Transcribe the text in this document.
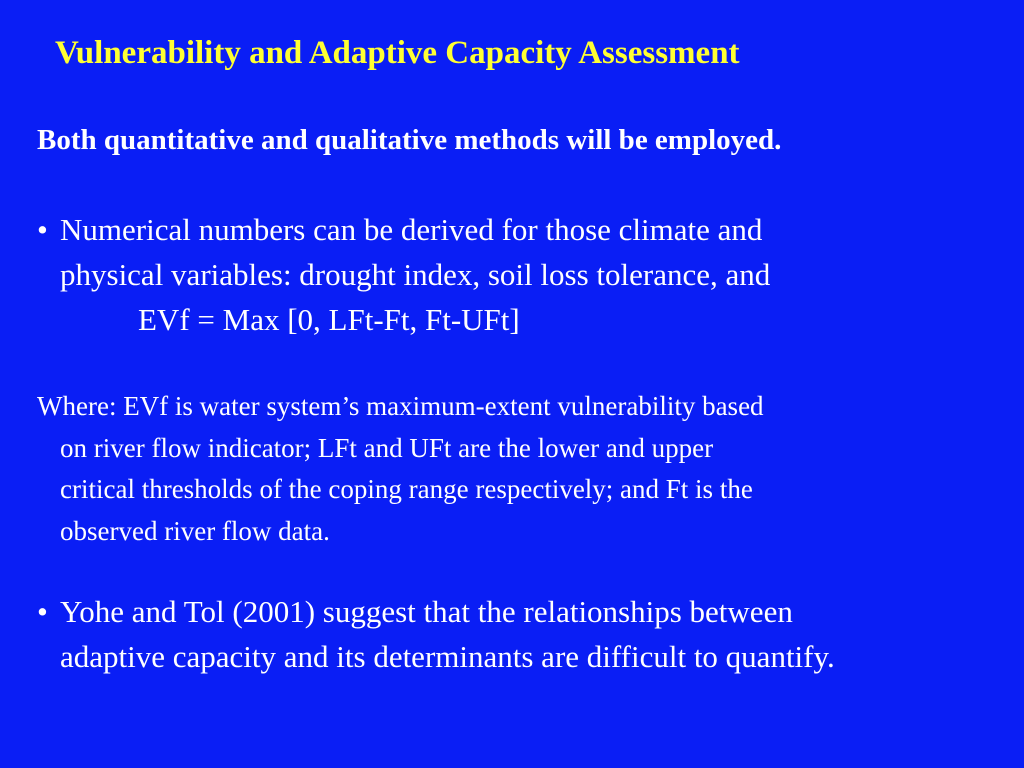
Vulnerability and Adaptive Capacity Assessment
Both quantitative and qualitative methods will be employed.
• Numerical numbers can be derived for those climate and
physical variables: drought index, soil loss tolerance, and
EVf = Max [0, LFt-Ft, Ft-UFt]
Where: EVf is water system’s maximum-extent vulnerability based
on river flow indicator; LFt and UFt are the lower and upper
critical thresholds of the coping range respectively; and Ft is the
observed river flow data.
• Yohe and Tol (2001) suggest that the relationships between
adaptive capacity and its determinants are difficult to quantify.
